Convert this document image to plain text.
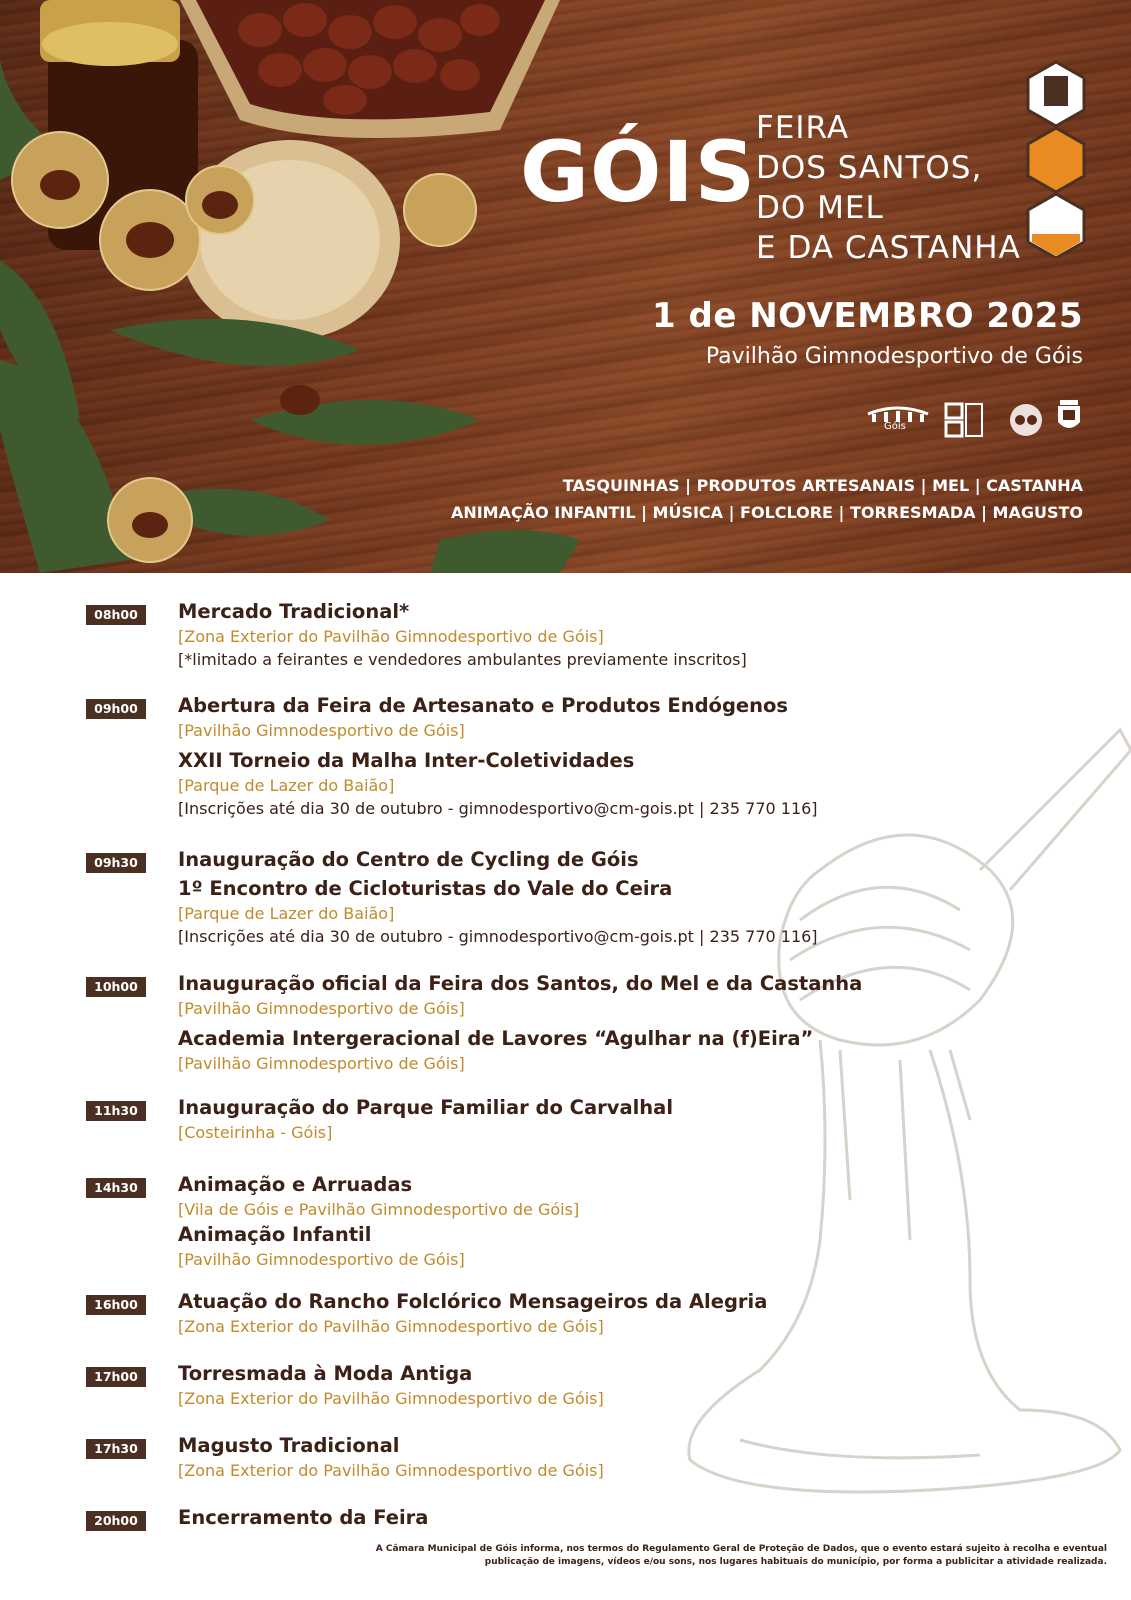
GÓIS FEIRA
DOS SANTOS,
DO MEL
E DA CASTANHA
1 de NOVEMBRO 2025
Pavilhão Gimnodesportivo de Góis
Góis
TASQUINHAS | PRODUTOS ARTESANAIS | MEL | CASTANHA
ANIMAÇÃO INFANTIL | MÚSICA | FOLCLORE | TORRESMADA | MAGUSTO
08h00	Mercado Tradicional*
[Zona Exterior do Pavilhão Gimnodesportivo de Góis]
[*limitado a feirantes e vendedores ambulantes previamente inscritos]
09h00	Abertura da Feira de Artesanato e Produtos Endógenos
[Pavilhão Gimnodesportivo de Góis]
XXII Torneio da Malha Inter-Coletividades
[Parque de Lazer do Baião]
[Inscrições até dia 30 de outubro - gimnodesportivo@cm-gois.pt | 235 770 116]
09h30	Inauguração do Centro de Cycling de Góis
1º Encontro de Cicloturistas do Vale do Ceira
[Parque de Lazer do Baião]
[Inscrições até dia 30 de outubro - gimnodesportivo@cm-gois.pt | 235 770 116]
10h00	Inauguração oficial da Feira dos Santos, do Mel e da Castanha
[Pavilhão Gimnodesportivo de Góis]
Academia Intergeracional de Lavores “Agulhar na (f)Eira”
[Pavilhão Gimnodesportivo de Góis]
11h30	Inauguração do Parque Familiar do Carvalhal
[Costeirinha - Góis]
14h30	Animação e Arruadas
[Vila de Góis e Pavilhão Gimnodesportivo de Góis]
Animação Infantil
[Pavilhão Gimnodesportivo de Góis]
16h00	Atuação do Rancho Folclórico Mensageiros da Alegria
[Zona Exterior do Pavilhão Gimnodesportivo de Góis]
17h00	Torresmada à Moda Antiga
[Zona Exterior do Pavilhão Gimnodesportivo de Góis]
17h30	Magusto Tradicional
[Zona Exterior do Pavilhão Gimnodesportivo de Góis]
20h00	Encerramento da Feira
A Câmara Municipal de Góis informa, nos termos do Regulamento Geral de Proteção de Dados, que o evento estará sujeito à recolha e eventual publicação de imagens, vídeos e/ou sons, nos lugares habituais do município, por forma a publicitar a atividade realizada.
